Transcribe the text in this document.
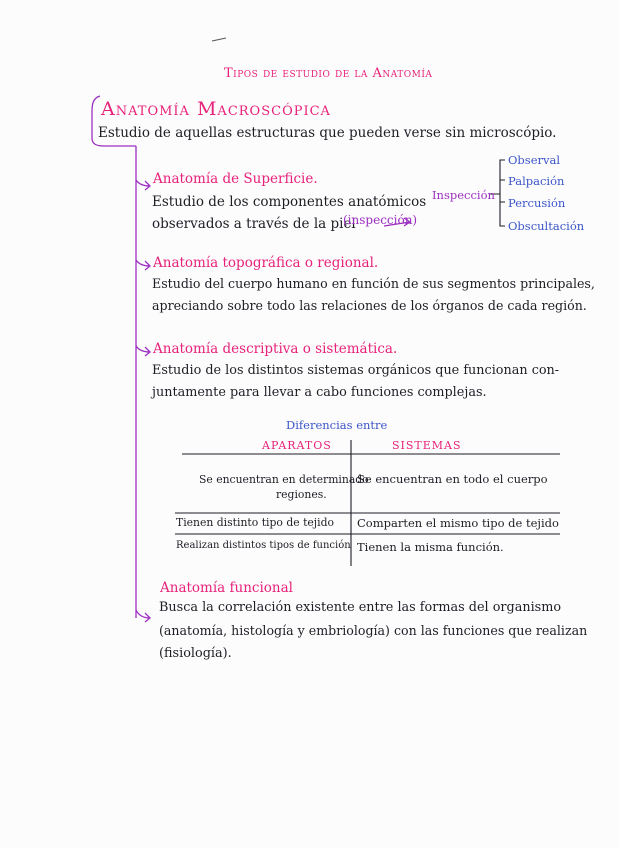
Tipos de estudio de la Anatomía
Anatomía Macroscópica
Estudio de aquellas estructuras que pueden verse sin microscópio.
Anatomía de Superficie.
Estudio de los componentes anatómicos
observados a través de la piel
(inspección)
Inspección
Observal
Palpación
Percusión
Obscultación
Anatomía topográfica o regional.
Estudio del cuerpo humano en función de sus segmentos principales,
apreciando sobre todo las relaciones de los órganos de cada región.
Anatomía descriptiva o sistemática.
Estudio de los distintos sistemas orgánicos que funcionan con-
juntamente para llevar a cabo funciones complejas.
Diferencias entre
APARATOS	SISTEMAS
Se encuentran en determinado
regiones.
Se encuentran en todo el cuerpo
Tienen distinto tipo de tejido Comparten el mismo tipo de tejido
Realizan distintos tipos de función Tienen la misma función.
Anatomía funcional
Busca la correlación existente entre las formas del organismo
(anatomía, histología y embriología) con las funciones que realizan
(fisiología).
